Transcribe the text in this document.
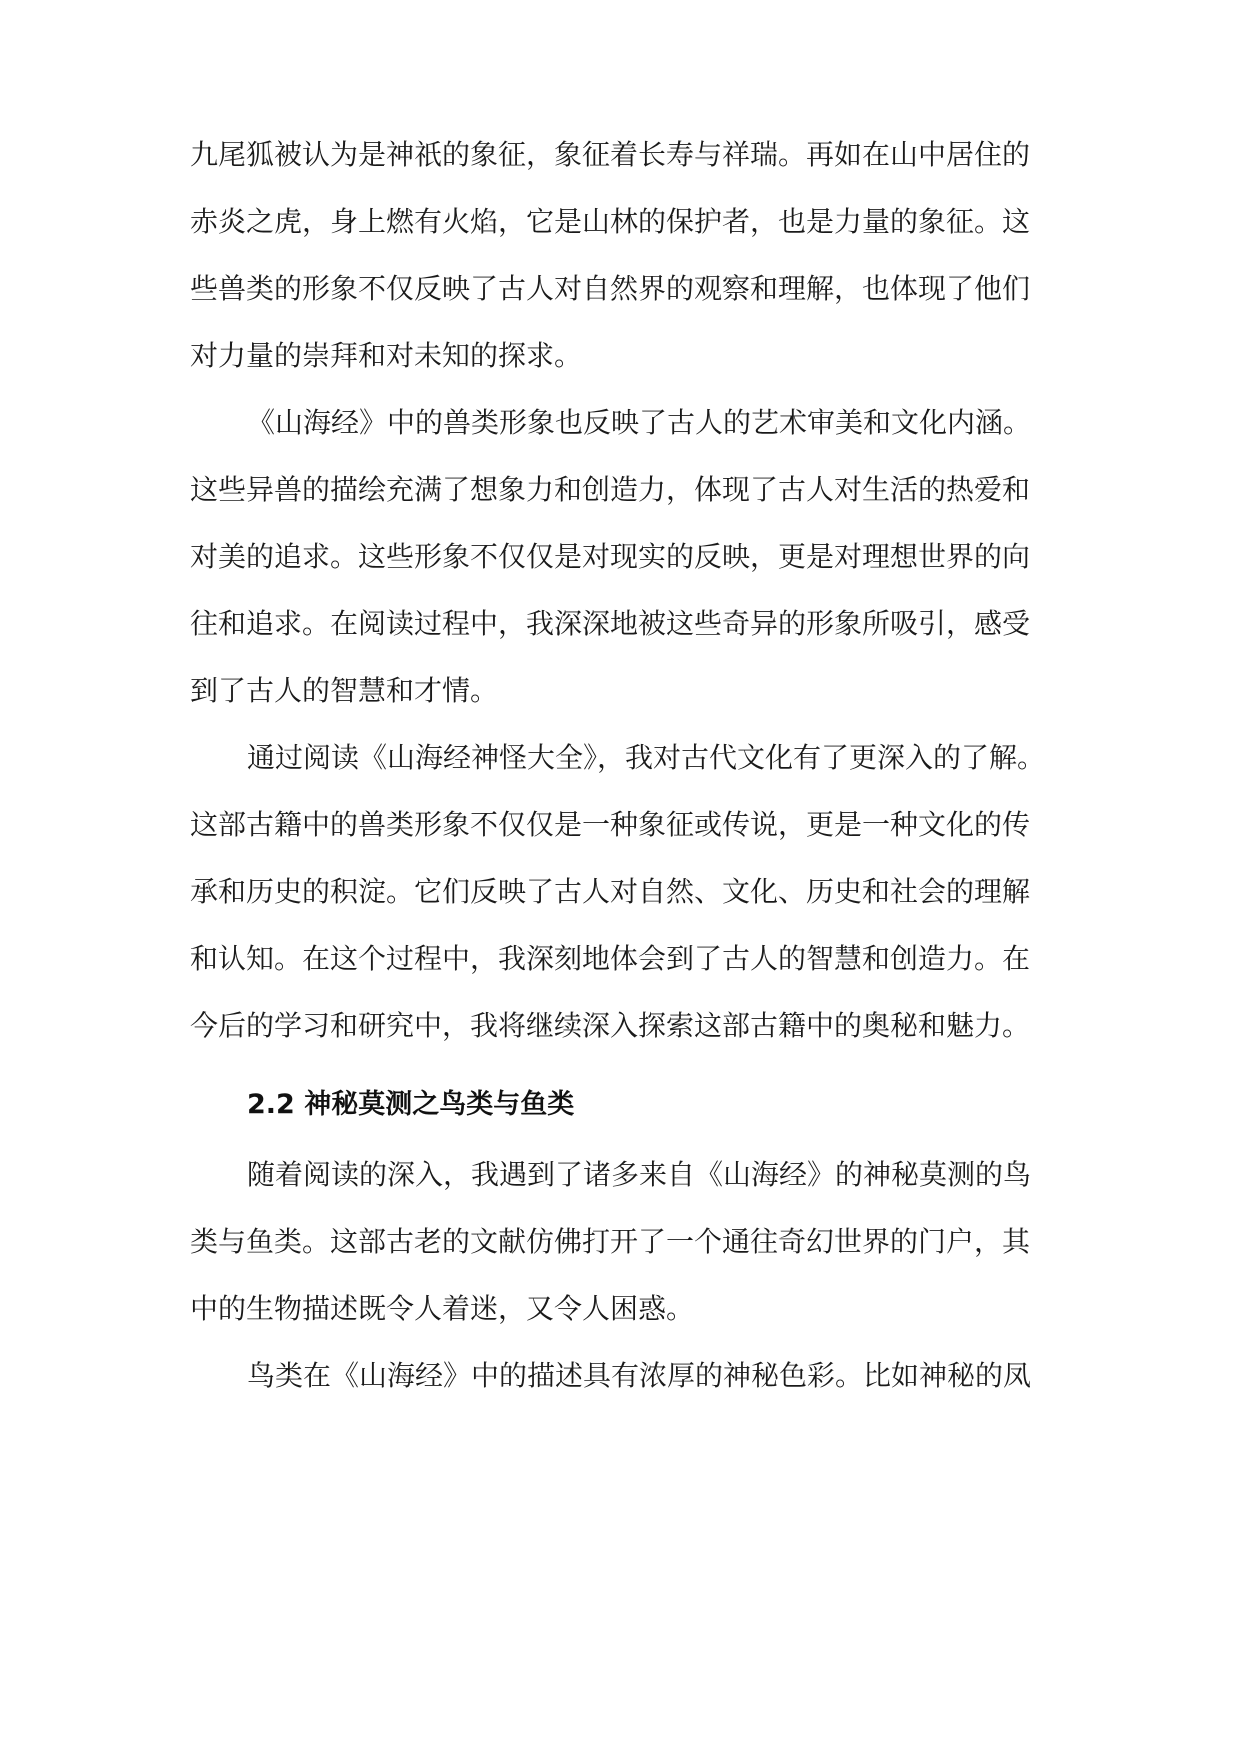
九尾狐被认为是神祇的象征，象征着长寿与祥瑞。再如在山中居住的

赤炎之虎，身上燃有火焰，它是山林的保护者，也是力量的象征。这

些兽类的形象不仅反映了古人对自然界的观察和理解，也体现了他们

对力量的崇拜和对未知的探求。

《山海经》中的兽类形象也反映了古人的艺术审美和文化内涵。

这些异兽的描绘充满了想象力和创造力，体现了古人对生活的热爱和

对美的追求。这些形象不仅仅是对现实的反映，更是对理想世界的向

往和追求。在阅读过程中，我深深地被这些奇异的形象所吸引，感受

到了古人的智慧和才情。

通过阅读《山海经神怪大全》，我对古代文化有了更深入的了解。

这部古籍中的兽类形象不仅仅是一种象征或传说，更是一种文化的传

承和历史的积淀。它们反映了古人对自然、文化、历史和社会的理解

和认知。在这个过程中，我深刻地体会到了古人的智慧和创造力。在

今后的学习和研究中，我将继续深入探索这部古籍中的奥秘和魅力。

2.2 神秘莫测之鸟类与鱼类

随着阅读的深入，我遇到了诸多来自《山海经》的神秘莫测的鸟

类与鱼类。这部古老的文献仿佛打开了一个通往奇幻世界的门户，其

中的生物描述既令人着迷，又令人困惑。

鸟类在《山海经》中的描述具有浓厚的神秘色彩。比如神秘的凤
